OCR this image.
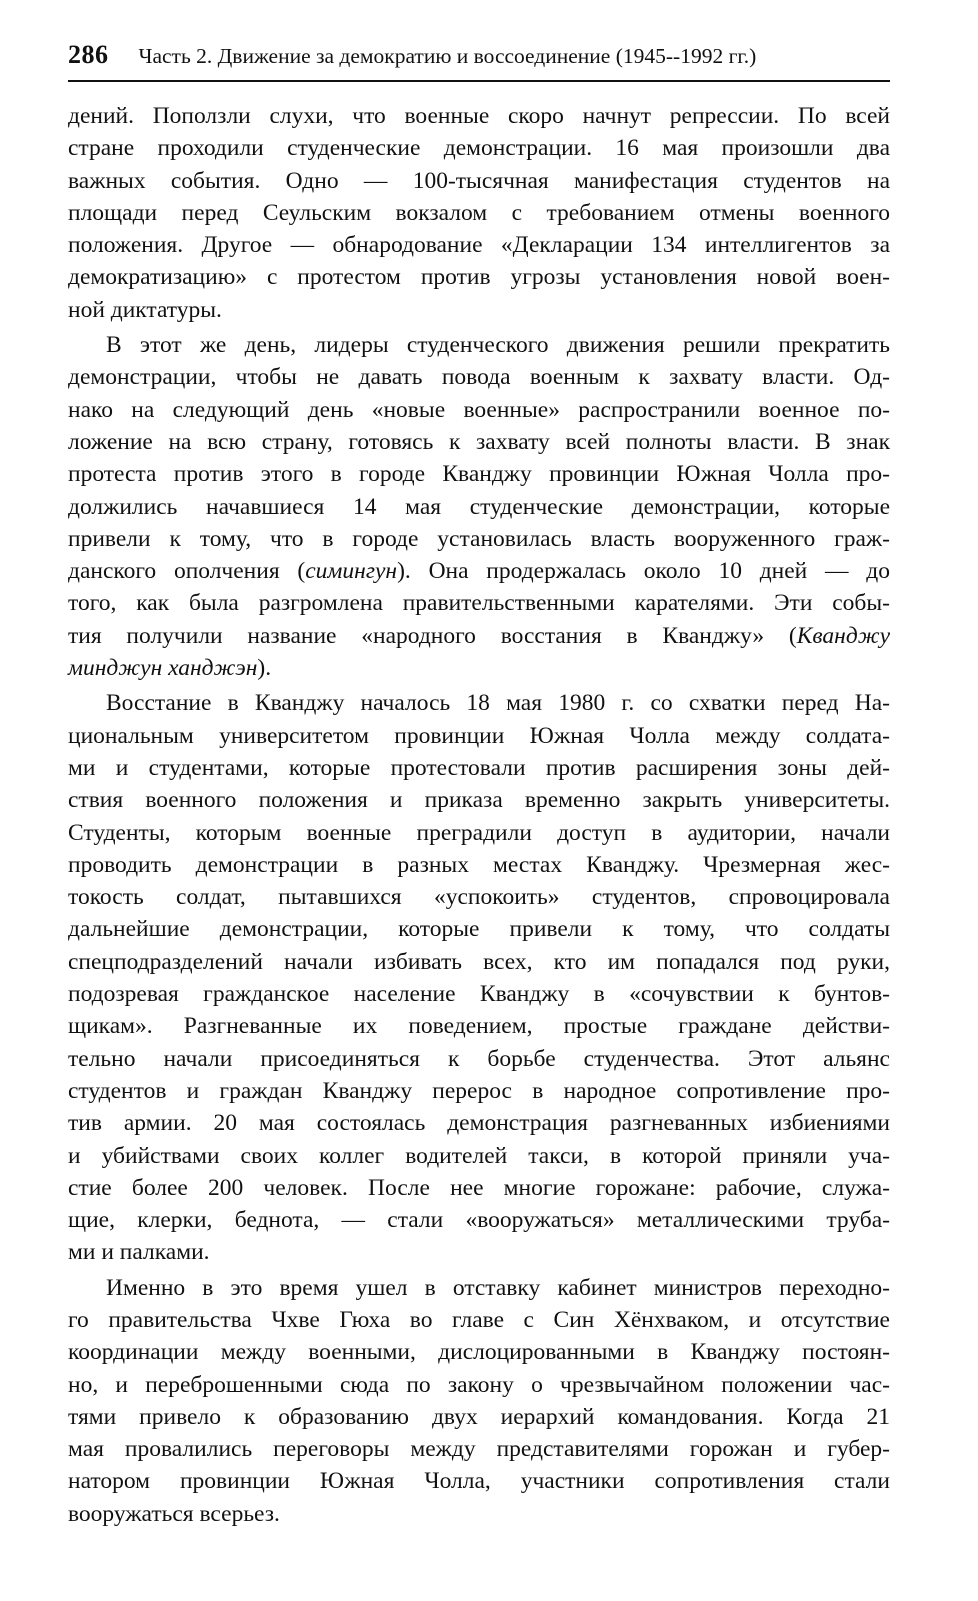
286 Часть 2. Движение за демократию и воссоединение (1945--1992 гг.)
дений. Поползли слухи, что военные скоро начнут репрессии. По всей
стране проходили студенческие демонстрации. 16 мая произошли два
важных события. Одно — 100-тысячная манифестация студентов на
площади перед Сеульским вокзалом с требованием отмены военного
положения. Другое — обнародование «Декларации 134 интеллигентов за
демократизацию» с протестом против угрозы установления новой воен-
ной диктатуры.
В этот же день, лидеры студенческого движения решили прекратить
демонстрации, чтобы не давать повода военным к захвату власти. Од-
нако на следующий день «новые военные» распространили военное по-
ложение на всю страну, готовясь к захвату всей полноты власти. В знак
протеста против этого в городе Кванджу провинции Южная Чолла про-
должились начавшиеся 14 мая студенческие демонстрации, которые
привели к тому, что в городе установилась власть вооруженного граж-
данского ополчения (симингун). Она продержалась около 10 дней — до
того, как была разгромлена правительственными карателями. Эти собы-
тия получили название «народного восстания в Кванджу» (Кванджу
минджун ханджэн).
Восстание в Кванджу началось 18 мая 1980 г. со схватки перед На-
циональным университетом провинции Южная Чолла между солдата-
ми и студентами, которые протестовали против расширения зоны дей-
ствия военного положения и приказа временно закрыть университеты.
Студенты, которым военные преградили доступ в аудитории, начали
проводить демонстрации в разных местах Кванджу. Чрезмерная жес-
токость солдат, пытавшихся «успокоить» студентов, спровоцировала
дальнейшие демонстрации, которые привели к тому, что солдаты
спецподразделений начали избивать всех, кто им попадался под руки,
подозревая гражданское население Кванджу в «сочувствии к бунтов-
щикам». Разгневанные их поведением, простые граждане действи-
тельно начали присоединяться к борьбе студенчества. Этот альянс
студентов и граждан Кванджу перерос в народное сопротивление про-
тив армии. 20 мая состоялась демонстрация разгневанных избиениями
и убийствами своих коллег водителей такси, в которой приняли уча-
стие более 200 человек. После нее многие горожане: рабочие, служа-
щие, клерки, беднота, — стали «вооружаться» металлическими труба-
ми и палками.
Именно в это время ушел в отставку кабинет министров переходно-
го правительства Чхве Гюха во главе с Син Хёнхваком, и отсутствие
координации между военными, дислоцированными в Кванджу постоян-
но, и переброшенными сюда по закону о чрезвычайном положении час-
тями привело к образованию двух иерархий командования. Когда 21
мая провалились переговоры между представителями горожан и губер-
натором провинции Южная Чолла, участники сопротивления стали
вооружаться всерьез.
